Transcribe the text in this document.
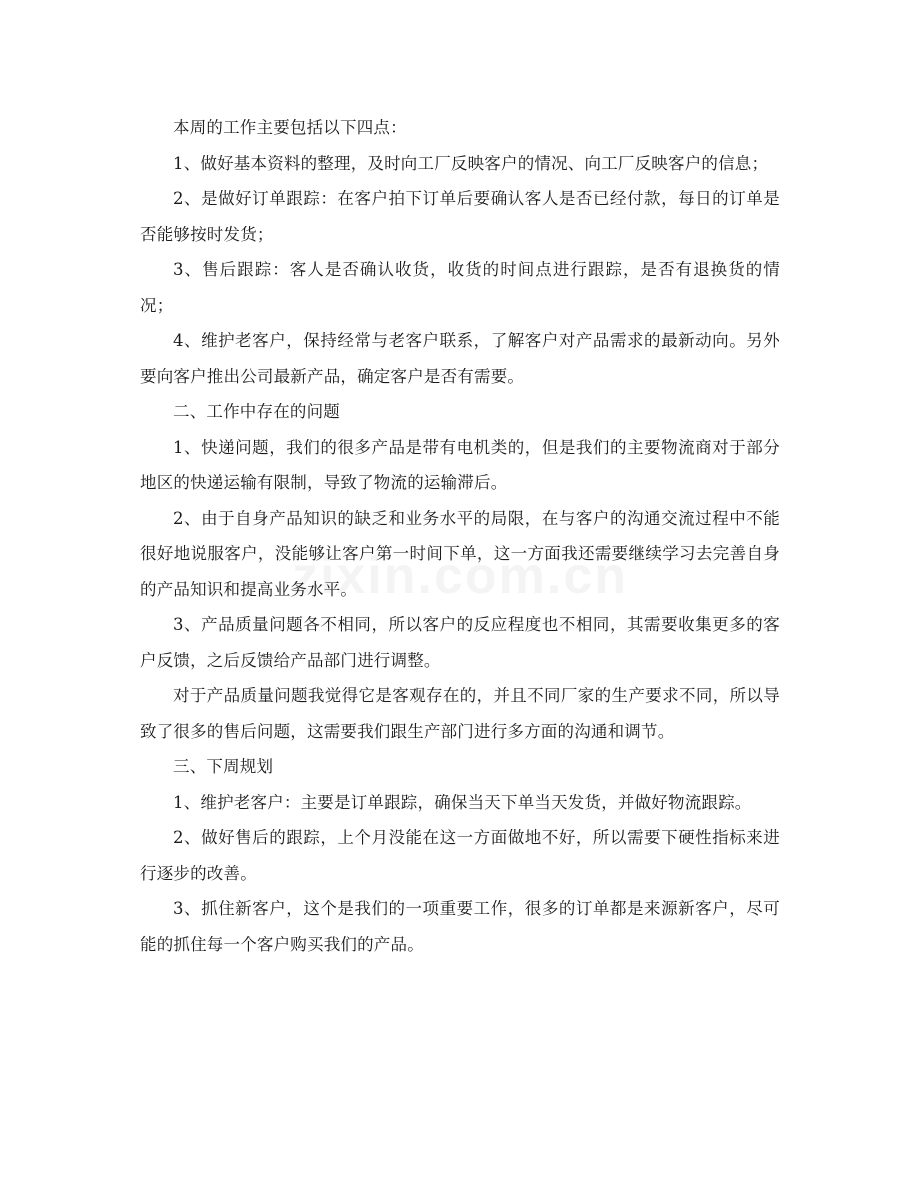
本周的工作主要包括以下四点：

1、做好基本资料的整理，及时向工厂反映客户的情况、向工厂反映客户的信息；

2、是做好订单跟踪：在客户拍下订单后要确认客人是否已经付款，每日的订单是否能够按时发货；

3、售后跟踪：客人是否确认收货，收货的时间点进行跟踪，是否有退换货的情况；

4、维护老客户，保持经常与老客户联系，了解客户对产品需求的最新动向。另外要向客户推出公司最新产品，确定客户是否有需要。

二、工作中存在的问题

1、快递问题，我们的很多产品是带有电机类的，但是我们的主要物流商对于部分地区的快递运输有限制，导致了物流的运输滞后。

2、由于自身产品知识的缺乏和业务水平的局限，在与客户的沟通交流过程中不能很好地说服客户，没能够让客户第一时间下单，这一方面我还需要继续学习去完善自身的产品知识和提高业务水平。

3、产品质量问题各不相同，所以客户的反应程度也不相同，其需要收集更多的客户反馈，之后反馈给产品部门进行调整。

对于产品质量问题我觉得它是客观存在的，并且不同厂家的生产要求不同，所以导致了很多的售后问题，这需要我们跟生产部门进行多方面的沟通和调节。

三、下周规划

1、维护老客户：主要是订单跟踪，确保当天下单当天发货，并做好物流跟踪。

2、做好售后的跟踪，上个月没能在这一方面做地不好，所以需要下硬性指标来进行逐步的改善。

3、抓住新客户，这个是我们的一项重要工作，很多的订单都是来源新客户，尽可能的抓住每一个客户购买我们的产品。
